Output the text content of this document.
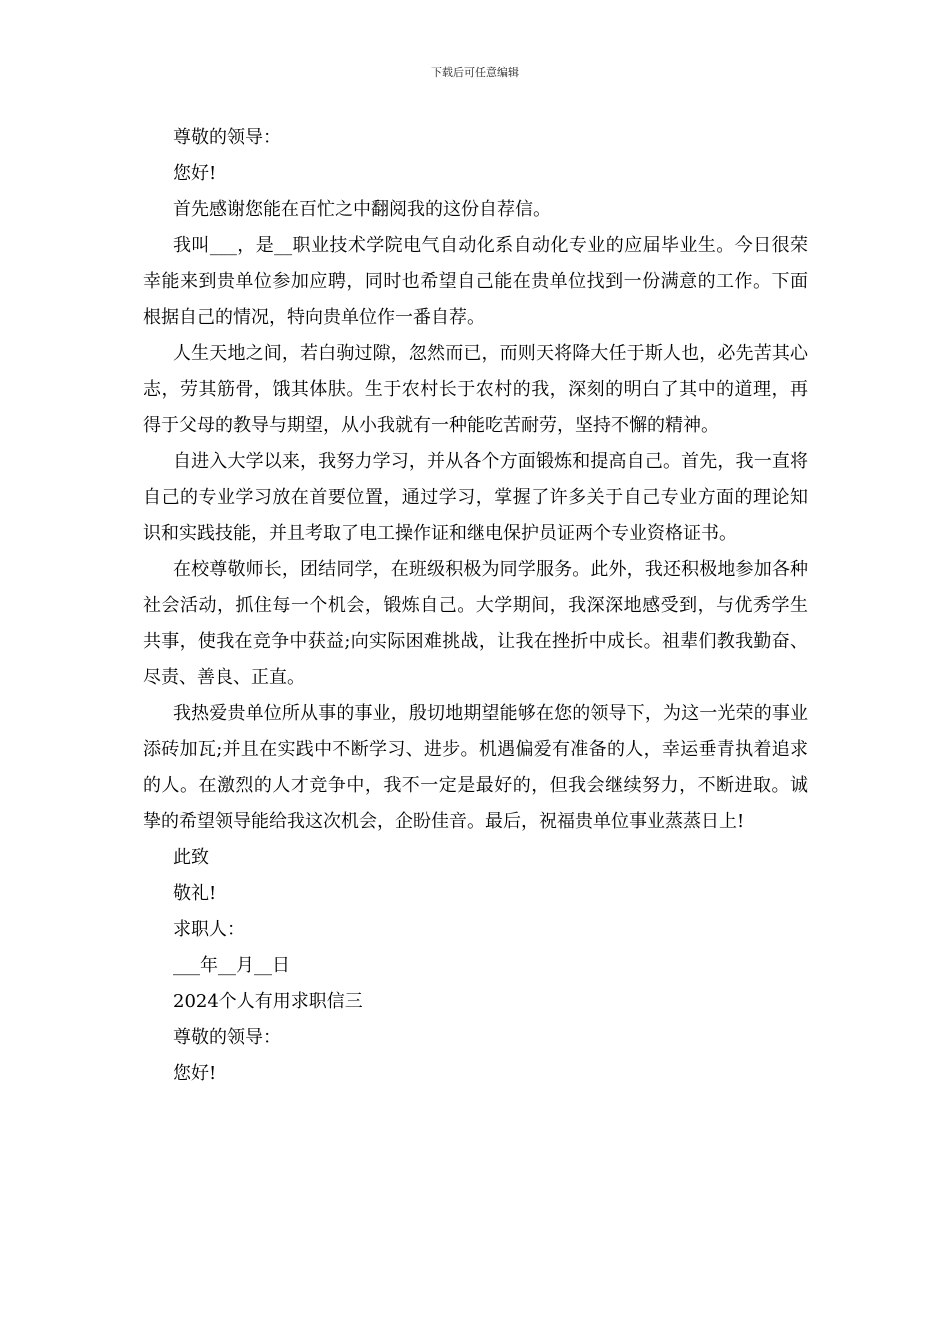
下载后可任意编辑

尊敬的领导：

您好!

首先感谢您能在百忙之中翻阅我的这份自荐信。

我叫___，是__职业技术学院电气自动化系自动化专业的应届毕业生。今日很荣幸能来到贵单位参加应聘，同时也希望自己能在贵单位找到一份满意的工作。下面根据自己的情况，特向贵单位作一番自荐。

人生天地之间，若白驹过隙，忽然而已，而则天将降大任于斯人也，必先苦其心志，劳其筋骨，饿其体肤。生于农村长于农村的我，深刻的明白了其中的道理，再得于父母的教导与期望，从小我就有一种能吃苦耐劳，坚持不懈的精神。

自进入大学以来，我努力学习，并从各个方面锻炼和提高自己。首先，我一直将自己的专业学习放在首要位置，通过学习，掌握了许多关于自己专业方面的理论知识和实践技能，并且考取了电工操作证和继电保护员证两个专业资格证书。

在校尊敬师长，团结同学，在班级积极为同学服务。此外，我还积极地参加各种社会活动，抓住每一个机会，锻炼自己。大学期间，我深深地感受到，与优秀学生共事，使我在竞争中获益;向实际困难挑战，让我在挫折中成长。祖辈们教我勤奋、尽责、善良、正直。

我热爱贵单位所从事的事业，殷切地期望能够在您的领导下，为这一光荣的事业添砖加瓦;并且在实践中不断学习、进步。机遇偏爱有准备的人，幸运垂青执着追求的人。在激烈的人才竞争中，我不一定是最好的，但我会继续努力，不断进取。诚挚的希望领导能给我这次机会，企盼佳音。最后，祝福贵单位事业蒸蒸日上!

此致

敬礼!

求职人：

___年__月__日

2024个人有用求职信三

尊敬的领导：

您好!
